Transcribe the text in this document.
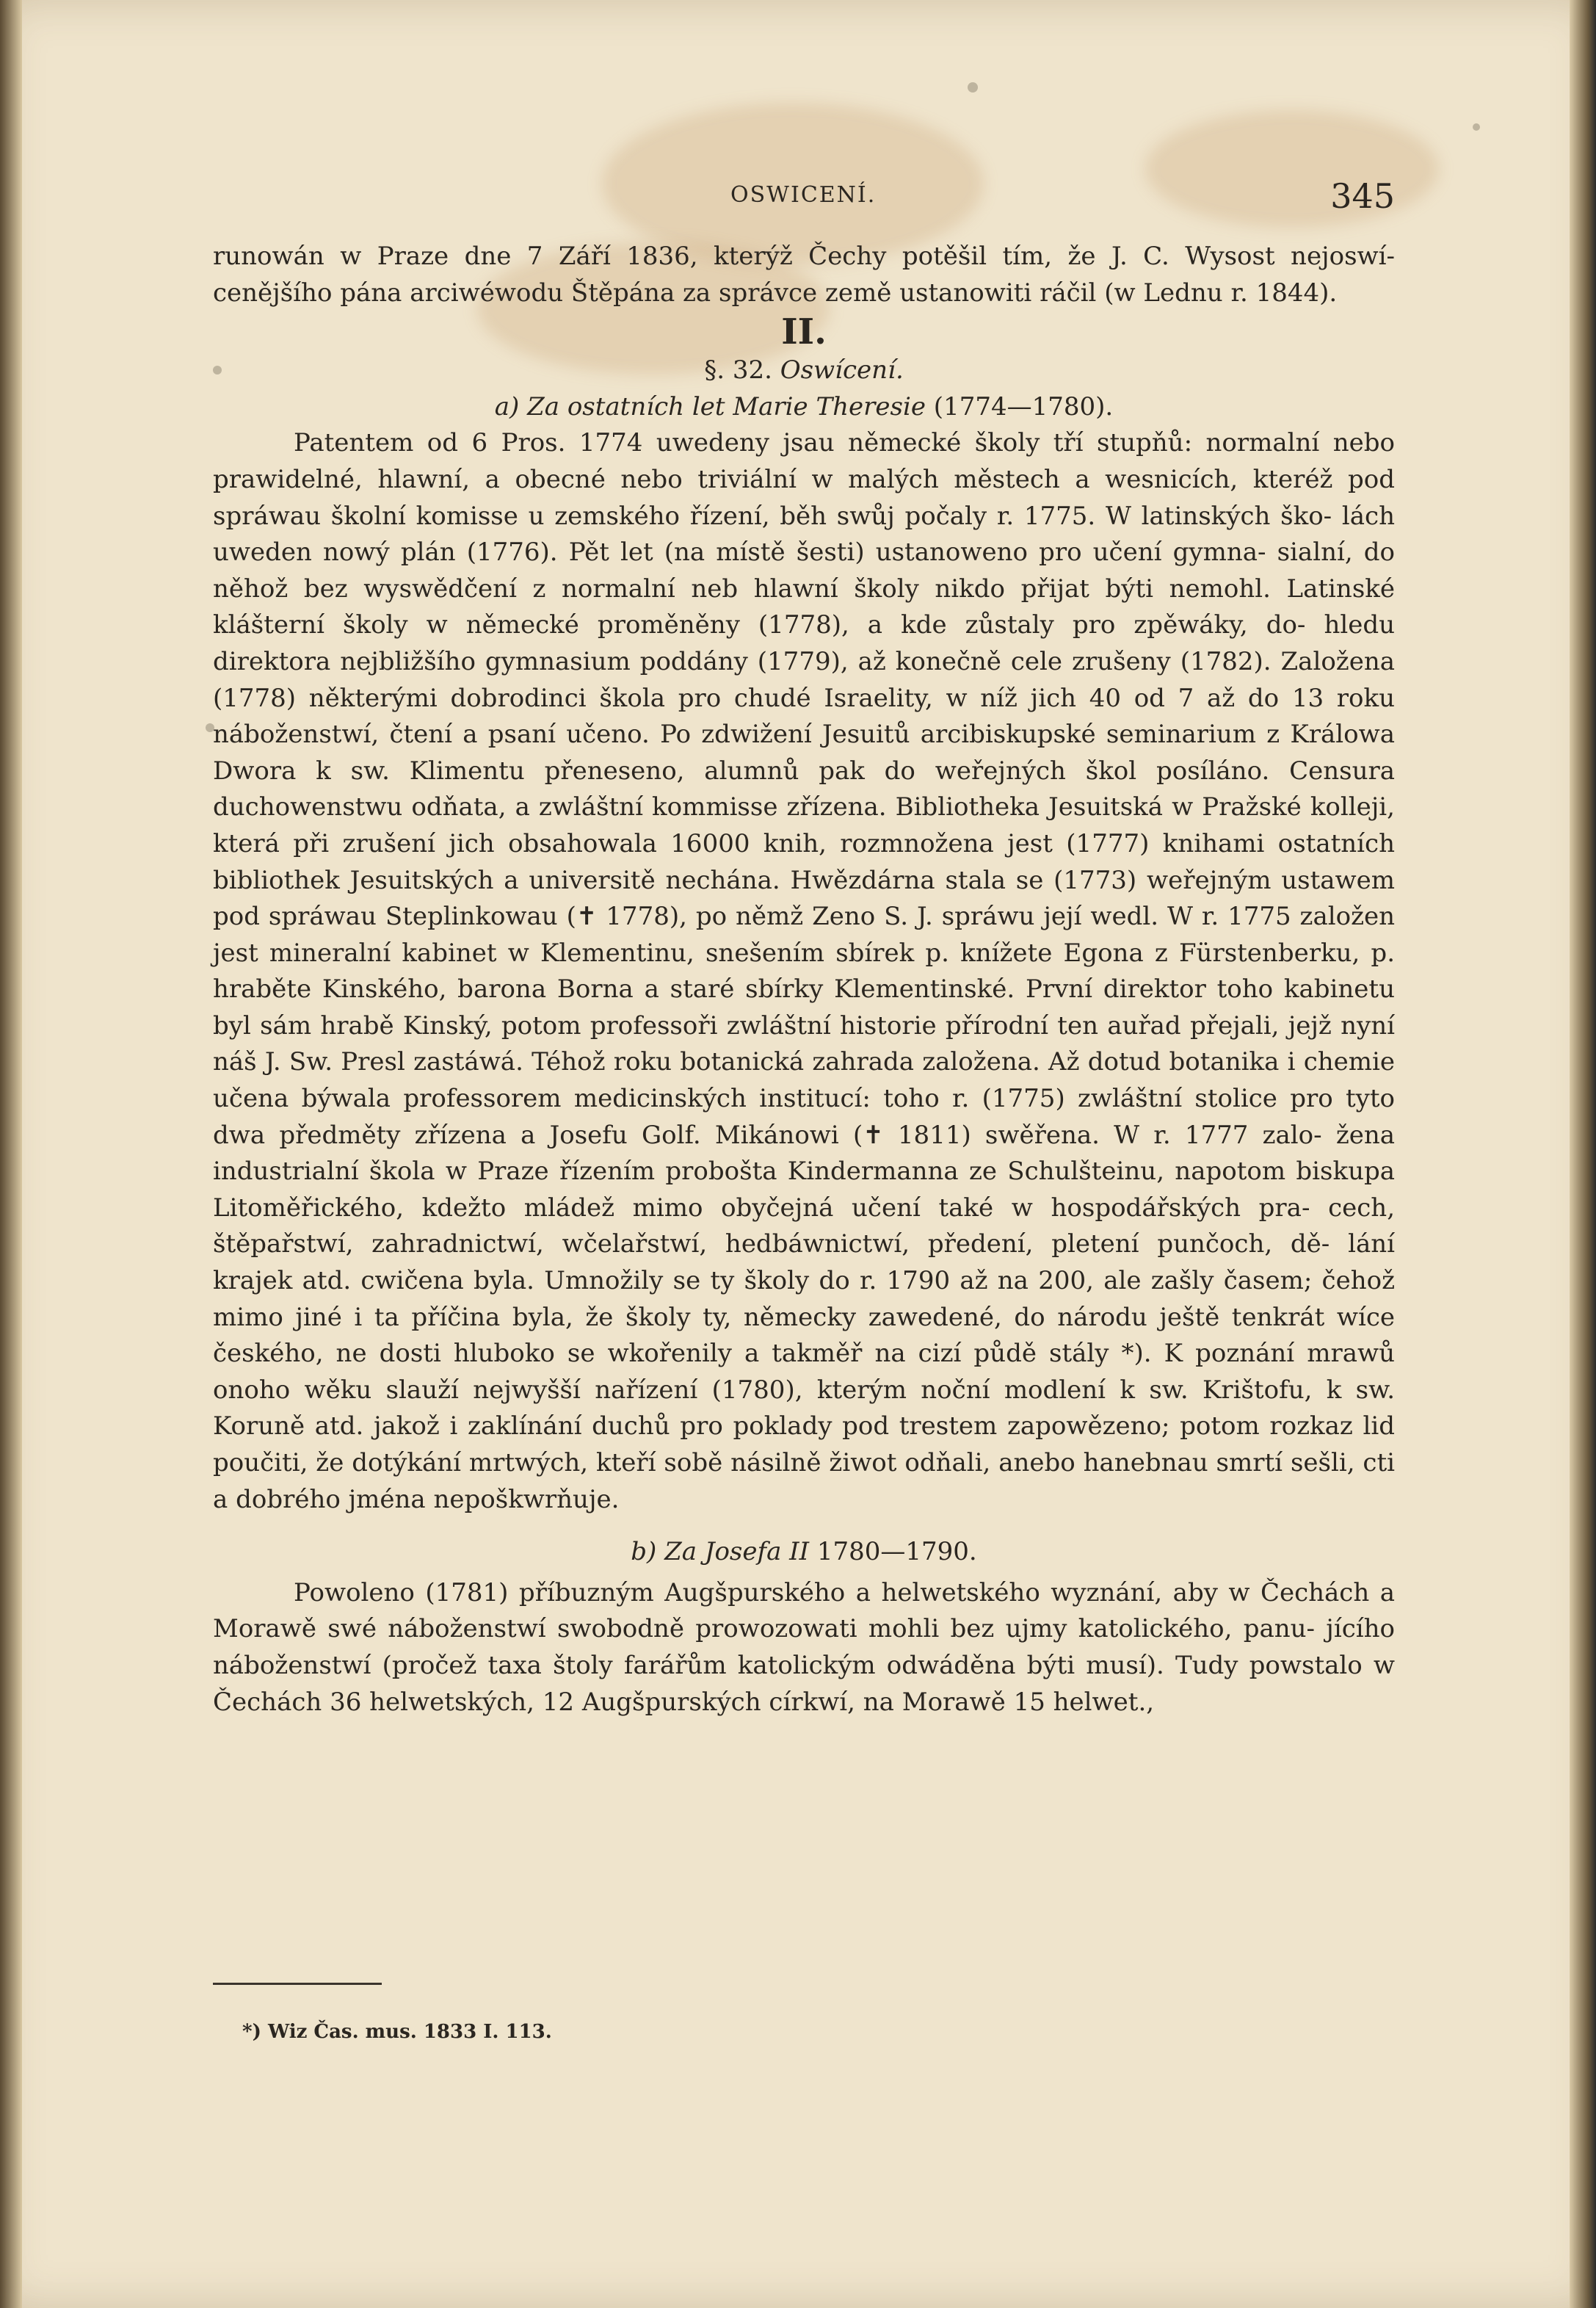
OSWICENÍ.	345

runowán w Praze dne 7 Září 1836, kterýž Čechy potěšil tím, že J. C. Wysost nejoswí- cenějšího pána arciwéwodu Štěpána za správce země ustanowiti ráčil (w Lednu r. 1844).

II.

§. 32. Oswícení.

a) Za ostatních let Marie Theresie (1774—1780).

Patentem od 6 Pros. 1774 uwedeny jsau německé školy tří stupňů: normalní nebo prawidelné, hlawní, a obecné nebo triviální w malých městech a wesnicích, kteréž pod spráwau školní komisse u zemského řízení, běh swůj počaly r. 1775. W latinských ško- lách uweden nowý plán (1776). Pět let (na místě šesti) ustanoweno pro učení gymna- sialní, do něhož bez wyswědčení z normalní neb hlawní školy nikdo přijat býti nemohl. Latinské klášterní školy w německé proměněny (1778), a kde zůstaly pro zpěwáky, do- hledu direktora nejbližšího gymnasium poddány (1779), až konečně cele zrušeny (1782). Založena (1778) některými dobrodinci škola pro chudé Israelity, w níž jich 40 od 7 až do 13 roku náboženstwí, čtení a psaní učeno. Po zdwižení Jesuitů arcibiskupské seminarium z Králowa Dwora k sw. Klimentu přeneseno, alumnů pak do weřejných škol posíláno. Censura duchowenstwu odňata, a zwláštní kommisse zřízena. Bibliotheka Jesuitská w Pražské kolleji, která při zrušení jich obsahowala 16000 knih, rozmnožena jest (1777) knihami ostatních bibliothek Jesuitských a universitě nechána. Hwězdárna stala se (1773) weřejným ustawem pod spráwau Steplinkowau (✝ 1778), po němž Zeno S. J. spráwu její wedl. W r. 1775 založen jest mineralní kabinet w Klementinu, snešením sbírek p. knížete Egona z Fürstenberku, p. hraběte Kinského, barona Borna a staré sbírky Klementinské. První direktor toho kabinetu byl sám hrabě Kinský, potom professoři zwláštní historie přírodní ten auřad přejali, jejž nyní náš J. Sw. Presl zastáwá. Téhož roku botanická zahrada založena. Až dotud botanika i chemie učena býwala professorem medicinských institucí: toho r. (1775) zwláštní stolice pro tyto dwa předměty zřízena a Josefu Golf. Mikánowi (✝ 1811) swěřena. W r. 1777 zalo- žena industrialní škola w Praze řízením probošta Kindermanna ze Schulšteinu, napotom biskupa Litoměřického, kdežto mládež mimo obyčejná učení také w hospodářských pra- cech, štěpařstwí, zahradnictwí, wčelařstwí, hedbáwnictwí, předení, pletení punčoch, dě- lání krajek atd. cwičena byla. Umnožily se ty školy do r. 1790 až na 200, ale zašly časem; čehož mimo jiné i ta příčina byla, že školy ty, německy zawedené, do národu ještě tenkrát wíce českého, ne dosti hluboko se wkořenily a takměř na cizí půdě stály *). K poznání mrawů onoho wěku slauží nejwyšší nařízení (1780), kterým noční modlení k sw. Krištofu, k sw. Koruně atd. jakož i zaklínání duchů pro poklady pod trestem zapowězeno; potom rozkaz lid poučiti, že dotýkání mrtwých, kteří sobě násilně žiwot odňali, anebo hanebnau smrtí sešli, cti a dobrého jména nepoškwrňuje.

b) Za Josefa II 1780—1790.

Powoleno (1781) příbuzným Augšpurského a helwetského wyznání, aby w Čechách a Morawě swé náboženstwí swobodně prowozowati mohli bez ujmy katolického, panu- jícího náboženstwí (pročež taxa štoly farářům katolickým odwáděna býti musí). Tudy powstalo w Čechách 36 helwetských, 12 Augšpurských církwí, na Morawě 15 helwet.,

*) Wiz Čas. mus. 1833 I. 113.
